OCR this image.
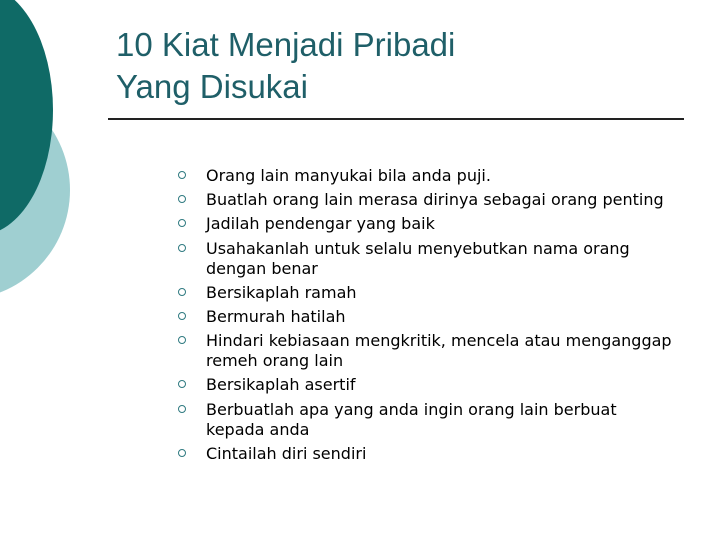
10 Kiat Menjadi Pribadi
Yang Disukai
Orang lain manyukai bila anda puji.
Buatlah orang lain merasa dirinya sebagai orang penting
Jadilah pendengar yang baik
Usahakanlah untuk selalu menyebutkan nama orang dengan benar
Bersikaplah ramah
Bermurah hatilah
Hindari kebiasaan mengkritik, mencela atau menganggap remeh orang lain
Bersikaplah asertif
Berbuatlah apa yang anda ingin orang lain berbuat kepada anda
Cintailah diri sendiri
